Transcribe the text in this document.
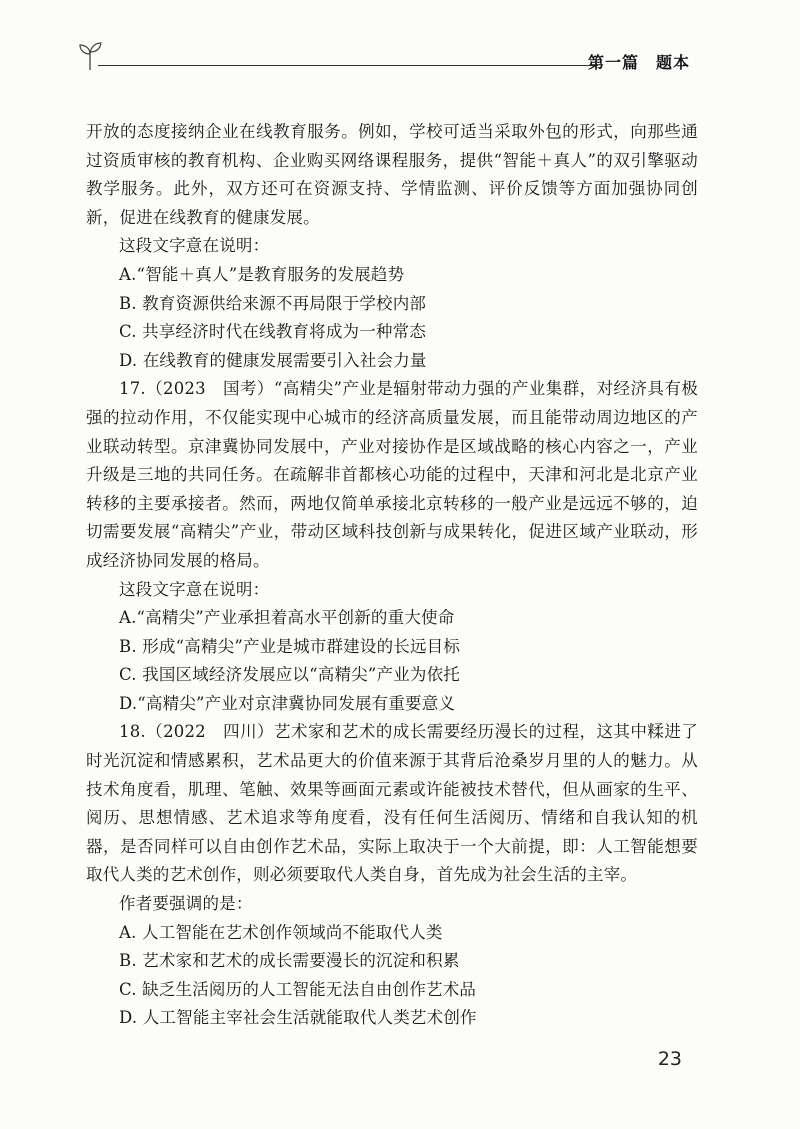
第一篇　题本

开放的态度接纳企业在线教育服务。例如，学校可适当采取外包的形式，向那些通过资质审核的教育机构、企业购买网络课程服务，提供“智能＋真人”的双引擎驱动教学服务。此外，双方还可在资源支持、学情监测、评价反馈等方面加强协同创新，促进在线教育的健康发展。

这段文字意在说明：

A.“智能＋真人”是教育服务的发展趋势

B. 教育资源供给来源不再局限于学校内部

C. 共享经济时代在线教育将成为一种常态

D. 在线教育的健康发展需要引入社会力量

17.（2023　国考）“高精尖”产业是辐射带动力强的产业集群，对经济具有极强的拉动作用，不仅能实现中心城市的经济高质量发展，而且能带动周边地区的产业联动转型。京津冀协同发展中，产业对接协作是区域战略的核心内容之一，产业升级是三地的共同任务。在疏解非首都核心功能的过程中，天津和河北是北京产业转移的主要承接者。然而，两地仅简单承接北京转移的一般产业是远远不够的，迫切需要发展“高精尖”产业，带动区域科技创新与成果转化，促进区域产业联动，形成经济协同发展的格局。

这段文字意在说明：

A.“高精尖”产业承担着高水平创新的重大使命

B. 形成“高精尖”产业是城市群建设的长远目标

C. 我国区域经济发展应以“高精尖”产业为依托

D.“高精尖”产业对京津冀协同发展有重要意义

18.（2022　四川）艺术家和艺术的成长需要经历漫长的过程，这其中糅进了时光沉淀和情感累积，艺术品更大的价值来源于其背后沧桑岁月里的人的魅力。从技术角度看，肌理、笔触、效果等画面元素或许能被技术替代，但从画家的生平、阅历、思想情感、艺术追求等角度看，没有任何生活阅历、情绪和自我认知的机器，是否同样可以自由创作艺术品，实际上取决于一个大前提，即：人工智能想要取代人类的艺术创作，则必须要取代人类自身，首先成为社会生活的主宰。

作者要强调的是：

A. 人工智能在艺术创作领域尚不能取代人类

B. 艺术家和艺术的成长需要漫长的沉淀和积累

C. 缺乏生活阅历的人工智能无法自由创作艺术品

D. 人工智能主宰社会生活就能取代人类艺术创作

23
